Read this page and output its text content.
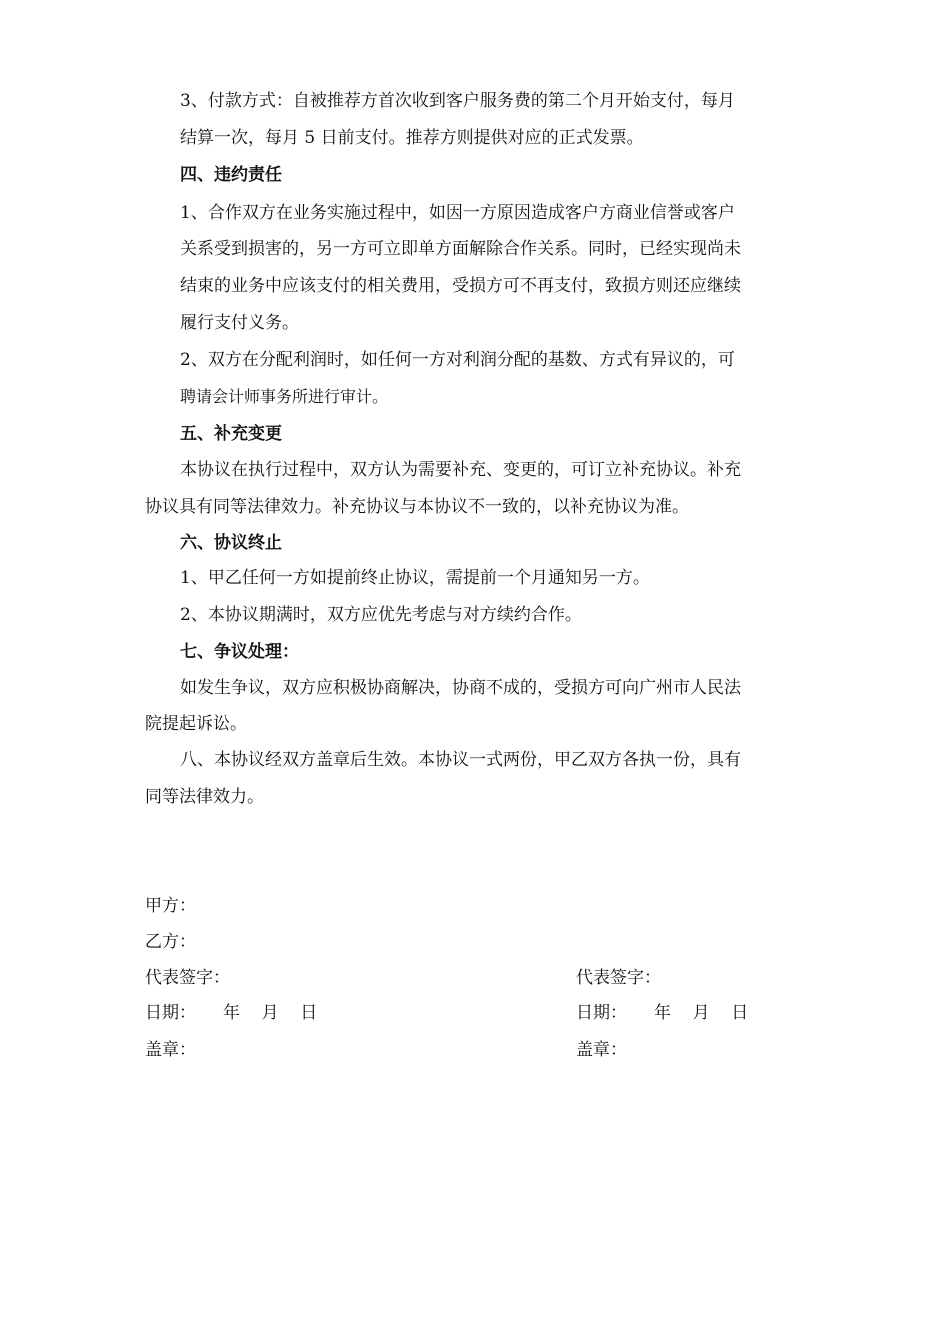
3、付款方式：自被推荐方首次收到客户服务费的第二个月开始支付，每月

结算一次，每月 5 日前支付。推荐方则提供对应的正式发票。

四、违约责任

1、合作双方在业务实施过程中，如因一方原因造成客户方商业信誉或客户

关系受到损害的，另一方可立即单方面解除合作关系。同时，已经实现尚未

结束的业务中应该支付的相关费用，受损方可不再支付，致损方则还应继续

履行支付义务。

2、双方在分配利润时，如任何一方对利润分配的基数、方式有异议的，可

聘请会计师事务所进行审计。

五、补充变更

本协议在执行过程中，双方认为需要补充、变更的，可订立补充协议。补充

协议具有同等法律效力。补充协议与本协议不一致的，以补充协议为准。

六、协议终止

1、甲乙任何一方如提前终止协议，需提前一个月通知另一方。

2、本协议期满时，双方应优先考虑与对方续约合作。

七、争议处理：

如发生争议，双方应积极协商解决，协商不成的，受损方可向广州市人民法

院提起诉讼。

八、本协议经双方盖章后生效。本协议一式两份，甲乙双方各执一份，具有

同等法律效力。

甲方：

乙方：

代表签字：	代表签字：

日期：     年    月    日	日期：     年    月    日

盖章：	盖章：
